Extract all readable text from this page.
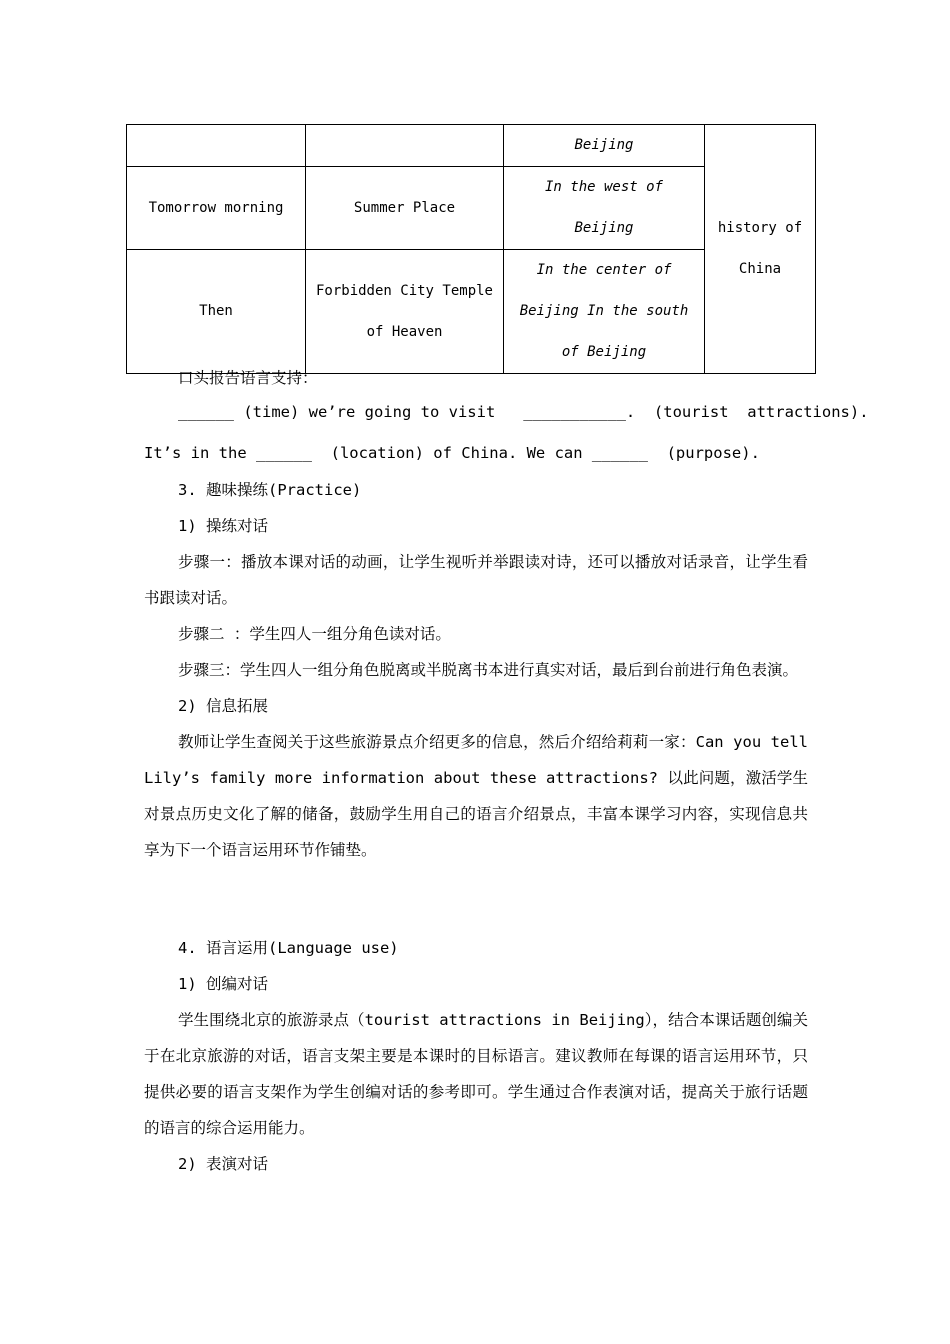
		Beijing	history of China
Tomorrow morning	Summer Place	In the west of Beijing	
Then	Forbidden City Temple of Heaven	In the center of Beijing In the south of Beijing	

口头报告语言支持：

______ (time) we’re going to visit   ___________.  (tourist  attractions).
It’s in the ______  (location) of China. We can ______  (purpose).

3. 趣味操练(Practice)

1) 操练对话

步骤一：播放本课对话的动画，让学生视听并举跟读对诗，还可以播放对话录音，让学生看书跟读对话。

步骤二 ：学生四人一组分角色读对话。

步骤三：学生四人一组分角色脱离或半脱离书本进行真实对话，最后到台前进行角色表演。

2) 信息拓展

教师让学生查阅关于这些旅游景点介绍更多的信息，然后介绍给莉莉一家：Can you tell Lily’s family more information about these attractions? 以此问题，激活学生对景点历史文化了解的储备，鼓励学生用自己的语言介绍景点，丰富本课学习内容，实现信息共享为下一个语言运用环节作铺垫。

4. 语言运用(Language use)

1) 创编对话

学生围绕北京的旅游录点（tourist attractions in Beijing），结合本课话题创编关于在北京旅游的对话，语言支架主要是本课时的目标语言。建议教师在每课的语言运用环节，只提供必要的语言支架作为学生创编对话的参考即可。学生通过合作表演对话，提高关于旅行话题的语言的综合运用能力。

2) 表演对话
